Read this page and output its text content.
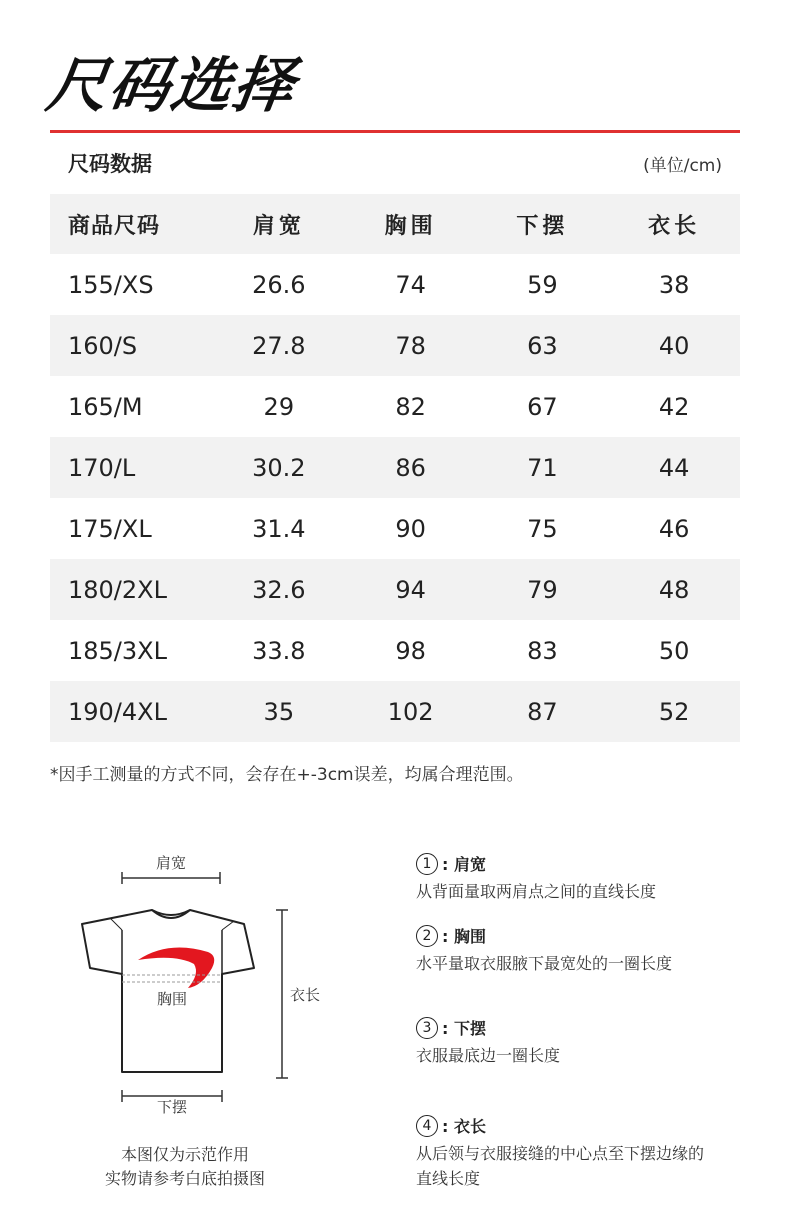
尺码选择
尺码数据	(单位/cm)
商品尺码	肩宽	胸围	下摆	衣长
155/XS	26.6	74	59	38
160/S	27.8	78	63	40
165/M	29	82	67	42
170/L	30.2	86	71	44
175/XL	31.4	90	75	46
180/2XL	32.6	94	79	48
185/3XL	33.8	98	83	50
190/4XL	35	102	87	52
*因手工测量的方式不同，会存在+-3cm误差，均属合理范围。
肩宽
胸围	衣长
下摆
本图仅为示范作用
实物请参考白底拍摄图
1 : 肩宽
从背面量取两肩点之间的直线长度
2 : 胸围
水平量取衣服腋下最宽处的一圈长度
3 : 下摆
衣服最底边一圈长度
4 : 衣长
从后领与衣服接缝的中心点至下摆边缘的直线长度
